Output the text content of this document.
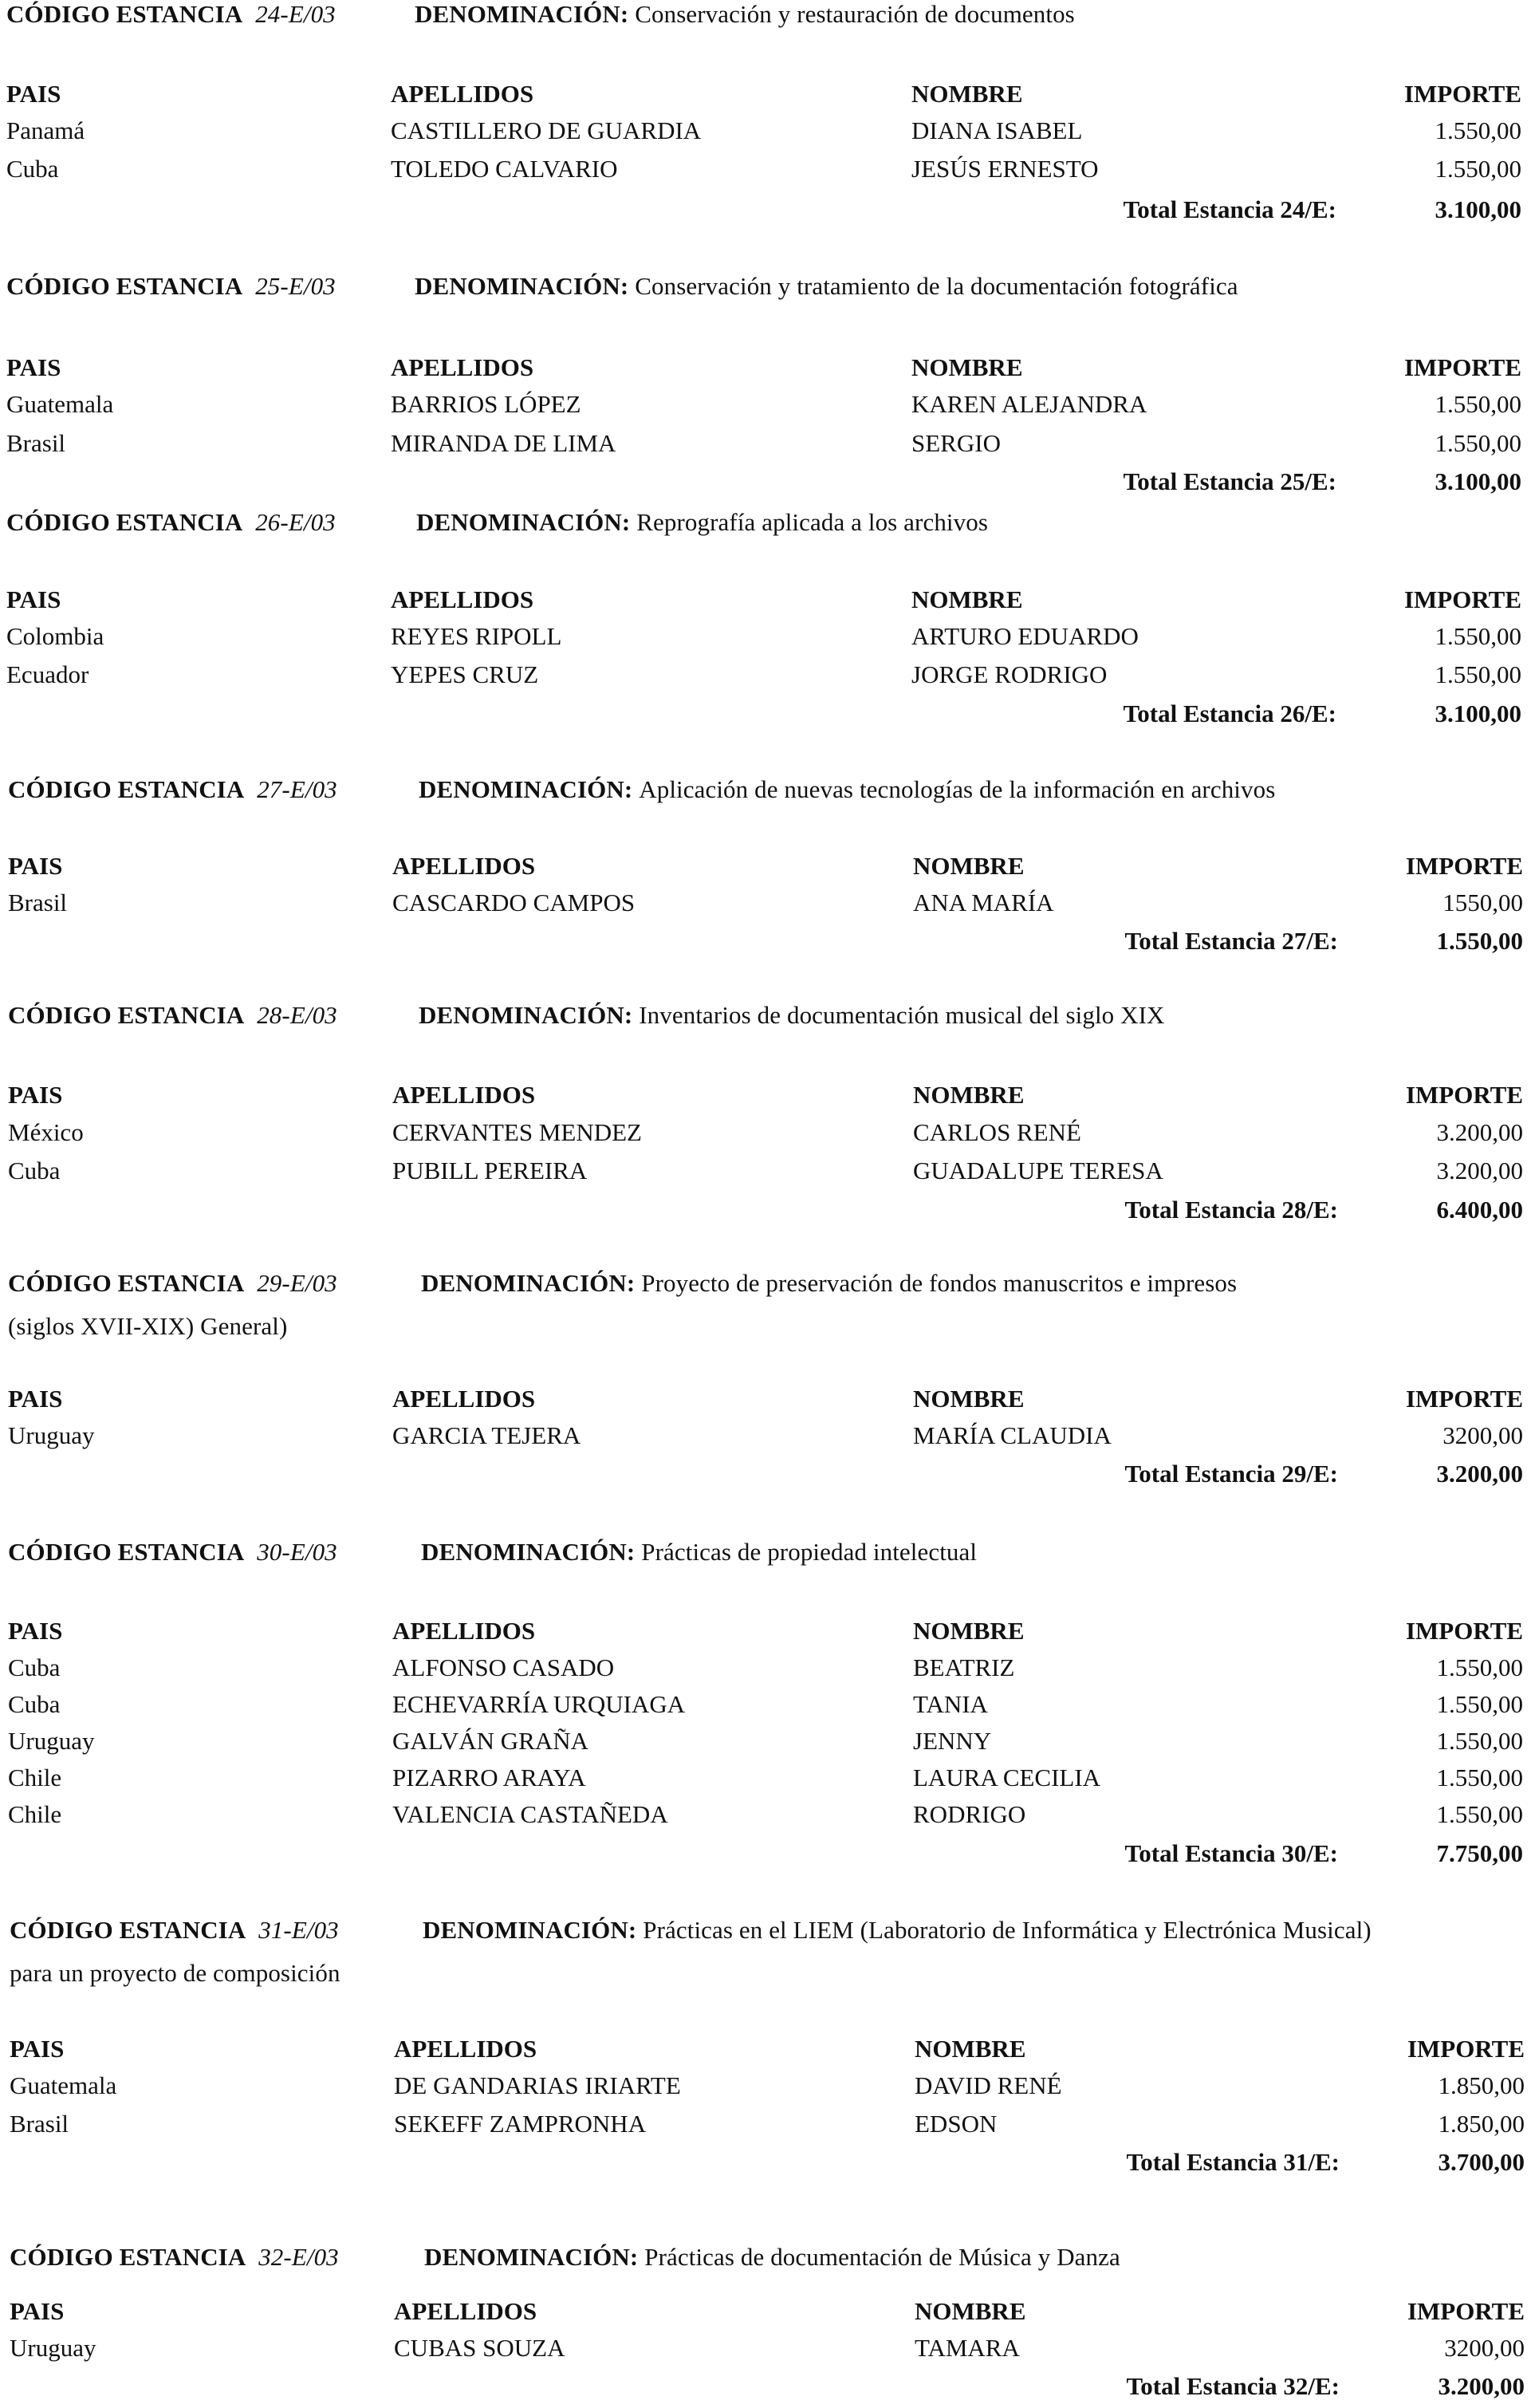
CÓDIGO ESTANCIA 24-E/03	DENOMINACIÓN: Conservación y restauración de documentos
PAIS	APELLIDOS	NOMBRE	IMPORTE
Panamá	CASTILLERO DE GUARDIA	DIANA ISABEL	1.550,00
Cuba	TOLEDO CALVARIO	JESÚS ERNESTO	1.550,00
Total Estancia 24/E:	3.100,00
CÓDIGO ESTANCIA 25-E/03	DENOMINACIÓN: Conservación y tratamiento de la documentación fotográfica
PAIS	APELLIDOS	NOMBRE	IMPORTE
Guatemala	BARRIOS LÓPEZ	KAREN ALEJANDRA	1.550,00
Brasil	MIRANDA DE LIMA	SERGIO	1.550,00
Total Estancia 25/E:	3.100,00
CÓDIGO ESTANCIA 26-E/03	DENOMINACIÓN: Reprografía aplicada a los archivos
PAIS	APELLIDOS	NOMBRE	IMPORTE
Colombia	REYES RIPOLL	ARTURO EDUARDO	1.550,00
Ecuador	YEPES CRUZ	JORGE RODRIGO	1.550,00
Total Estancia 26/E:	3.100,00
CÓDIGO ESTANCIA 27-E/03	DENOMINACIÓN: Aplicación de nuevas tecnologías de la información en archivos
PAIS	APELLIDOS	NOMBRE	IMPORTE
Brasil	CASCARDO CAMPOS	ANA MARÍA	1550,00
Total Estancia 27/E:	1.550,00
CÓDIGO ESTANCIA 28-E/03	DENOMINACIÓN: Inventarios de documentación musical del siglo XIX
PAIS	APELLIDOS	NOMBRE	IMPORTE
México	CERVANTES MENDEZ	CARLOS RENÉ	3.200,00
Cuba	PUBILL PEREIRA	GUADALUPE TERESA	3.200,00
Total Estancia 28/E:	6.400,00
CÓDIGO ESTANCIA 29-E/03	DENOMINACIÓN: Proyecto de preservación de fondos manuscritos e impresos
(siglos XVII-XIX) General)
PAIS	APELLIDOS	NOMBRE	IMPORTE
Uruguay	GARCIA TEJERA	MARÍA CLAUDIA	3200,00
Total Estancia 29/E:	3.200,00
CÓDIGO ESTANCIA 30-E/03	DENOMINACIÓN: Prácticas de propiedad intelectual
PAIS	APELLIDOS	NOMBRE	IMPORTE
Cuba	ALFONSO CASADO	BEATRIZ	1.550,00
Cuba	ECHEVARRÍA URQUIAGA	TANIA	1.550,00
Uruguay	GALVÁN GRAÑA	JENNY	1.550,00
Chile	PIZARRO ARAYA	LAURA CECILIA	1.550,00
Chile	VALENCIA CASTAÑEDA	RODRIGO	1.550,00
Total Estancia 30/E:	7.750,00
CÓDIGO ESTANCIA 31-E/03	DENOMINACIÓN: Prácticas en el LIEM (Laboratorio de Informática y Electrónica Musical)
para un proyecto de composición
PAIS	APELLIDOS	NOMBRE	IMPORTE
Guatemala	DE GANDARIAS IRIARTE	DAVID RENÉ	1.850,00
Brasil	SEKEFF ZAMPRONHA	EDSON	1.850,00
Total Estancia 31/E:	3.700,00
CÓDIGO ESTANCIA 32-E/03	DENOMINACIÓN: Prácticas de documentación de Música y Danza
PAIS	APELLIDOS	NOMBRE	IMPORTE
Uruguay	CUBAS SOUZA	TAMARA	3200,00
Total Estancia 32/E:	3.200,00
